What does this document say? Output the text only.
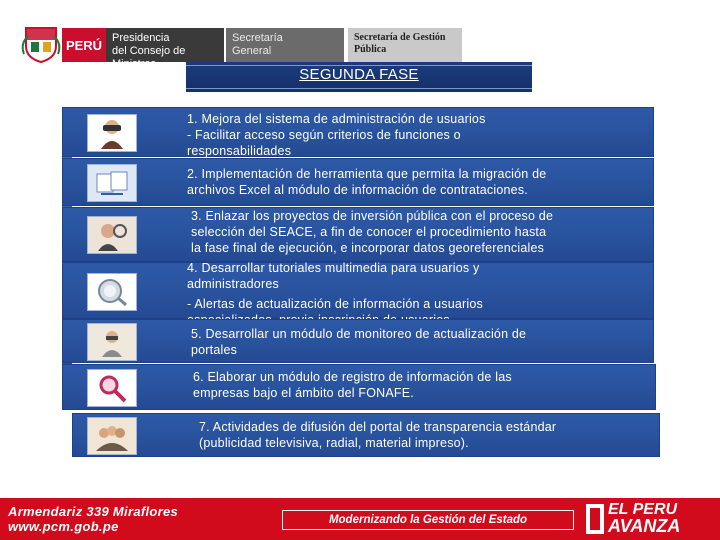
PERÚ Presidencia
del Consejo de Ministros
Secretaría
General
Secretaría de Gestión
Pública
SEGUNDA FASE
1. Mejora del sistema de administración de usuarios
- Facilitar acceso según criterios de funciones o
responsabilidades
2. Implementación de herramienta que permita la migración de
archivos Excel al módulo de información de contrataciones.
3. Enlazar los proyectos de inversión pública con el proceso de
selección del SEACE, a fin de conocer el procedimiento hasta
la fase final de ejecución, e incorporar datos georeferenciales
4. Desarrollar tutoriales multimedia para usuarios y
administradores
- Alertas de actualización de información a usuarios
5. Desarrollar un módulo de monitoreo de actualización de
portales
6. Elaborar un módulo de registro de información de las
empresas bajo el ámbito del FONAFE.
7. Actividades de difusión del portal de transparencia estándar
(publicidad televisiva, radial, material impreso).
Armendariz 339 Miraflores
www.pcm.gob.pe	Modernizando la Gestión del Estado
EL PERU
AVANZA
